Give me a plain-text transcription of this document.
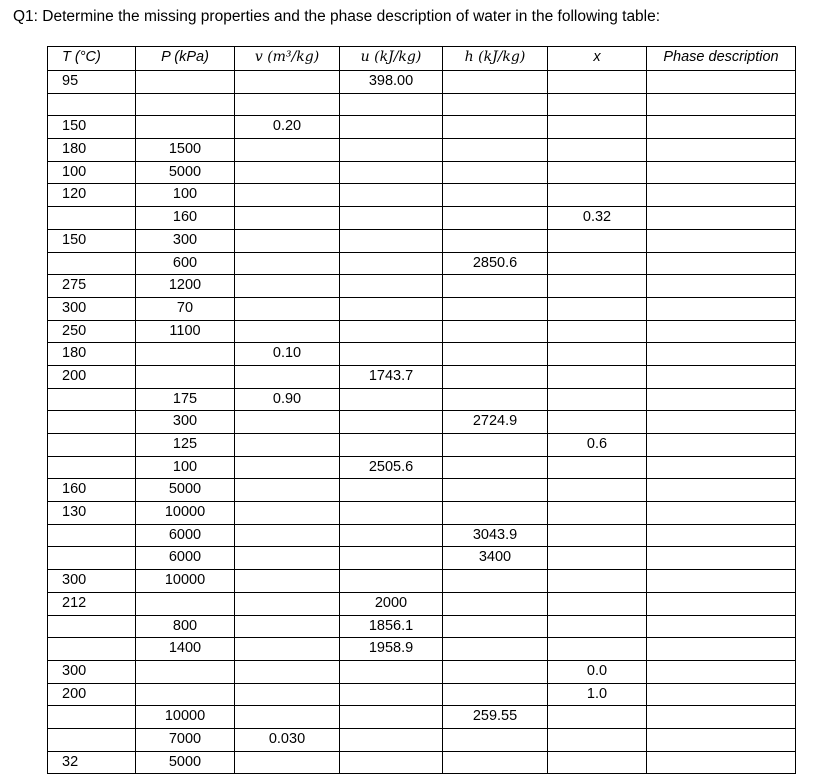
Q1: Determine the missing properties and the phase description of water in the following table:
T (°C)	P (kPa)	v (m³/kg)	u (kJ/kg)	h (kJ/kg)	x	Phase description
95			398.00			

150		0.20				
180	1500					
100	5000					
120	100					
	160				0.32	
150	300					
	600			2850.6		
275	1200					
300	70					
250	1100					
180		0.10				
200			1743.7			
	175	0.90				
	300			2724.9		
	125				0.6	
	100		2505.6			
160	5000					
130	10000					
	6000			3043.9		
	6000			3400		
300	10000					
212			2000			
	800		1856.1			
	1400		1958.9			
300					0.0	
200					1.0	
	10000			259.55		
	7000	0.030				
32	5000					
